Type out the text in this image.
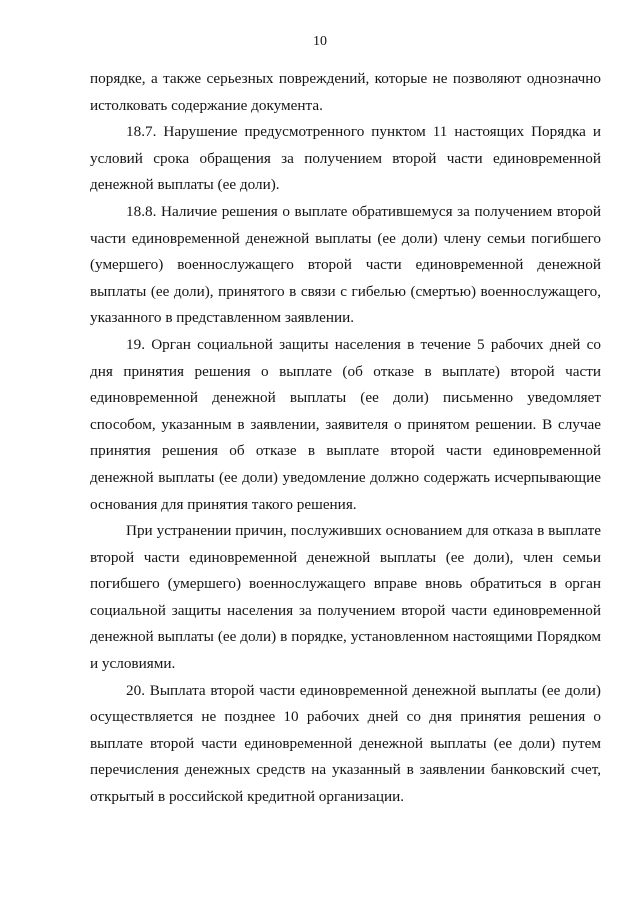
10

порядке, а также серьезных повреждений, которые не позволяют однозначно
истолковать содержание документа.

18.7. Нарушение предусмотренного пунктом 11 настоящих Порядка и
условий срока обращения за получением второй части единовременной
денежной выплаты (ее доли).

18.8. Наличие решения о выплате обратившемуся за получением второй
части единовременной денежной выплаты (ее доли) члену семьи погибшего
(умершего) военнослужащего второй части единовременной денежной
выплаты (ее доли), принятого в связи с гибелью (смертью) военнослужащего,
указанного в представленном заявлении.

19. Орган социальной защиты населения в течение 5 рабочих дней со
дня принятия решения о выплате (об отказе в выплате) второй части
единовременной денежной выплаты (ее доли) письменно уведомляет
способом, указанным в заявлении, заявителя о принятом решении. В случае
принятия решения об отказе в выплате второй части единовременной
денежной выплаты (ее доли) уведомление должно содержать исчерпывающие
основания для принятия такого решения.

При устранении причин, послуживших основанием для отказа в выплате
второй части единовременной денежной выплаты (ее доли), член семьи
погибшего (умершего) военнослужащего вправе вновь обратиться в орган
социальной защиты населения за получением второй части единовременной
денежной выплаты (ее доли) в порядке, установленном настоящими Порядком
и условиями.

20. Выплата второй части единовременной денежной выплаты (ее доли)
осуществляется не позднее 10 рабочих дней со дня принятия решения о
выплате второй части единовременной денежной выплаты (ее доли) путем
перечисления денежных средств на указанный в заявлении банковский счет,
открытый в российской кредитной организации.
